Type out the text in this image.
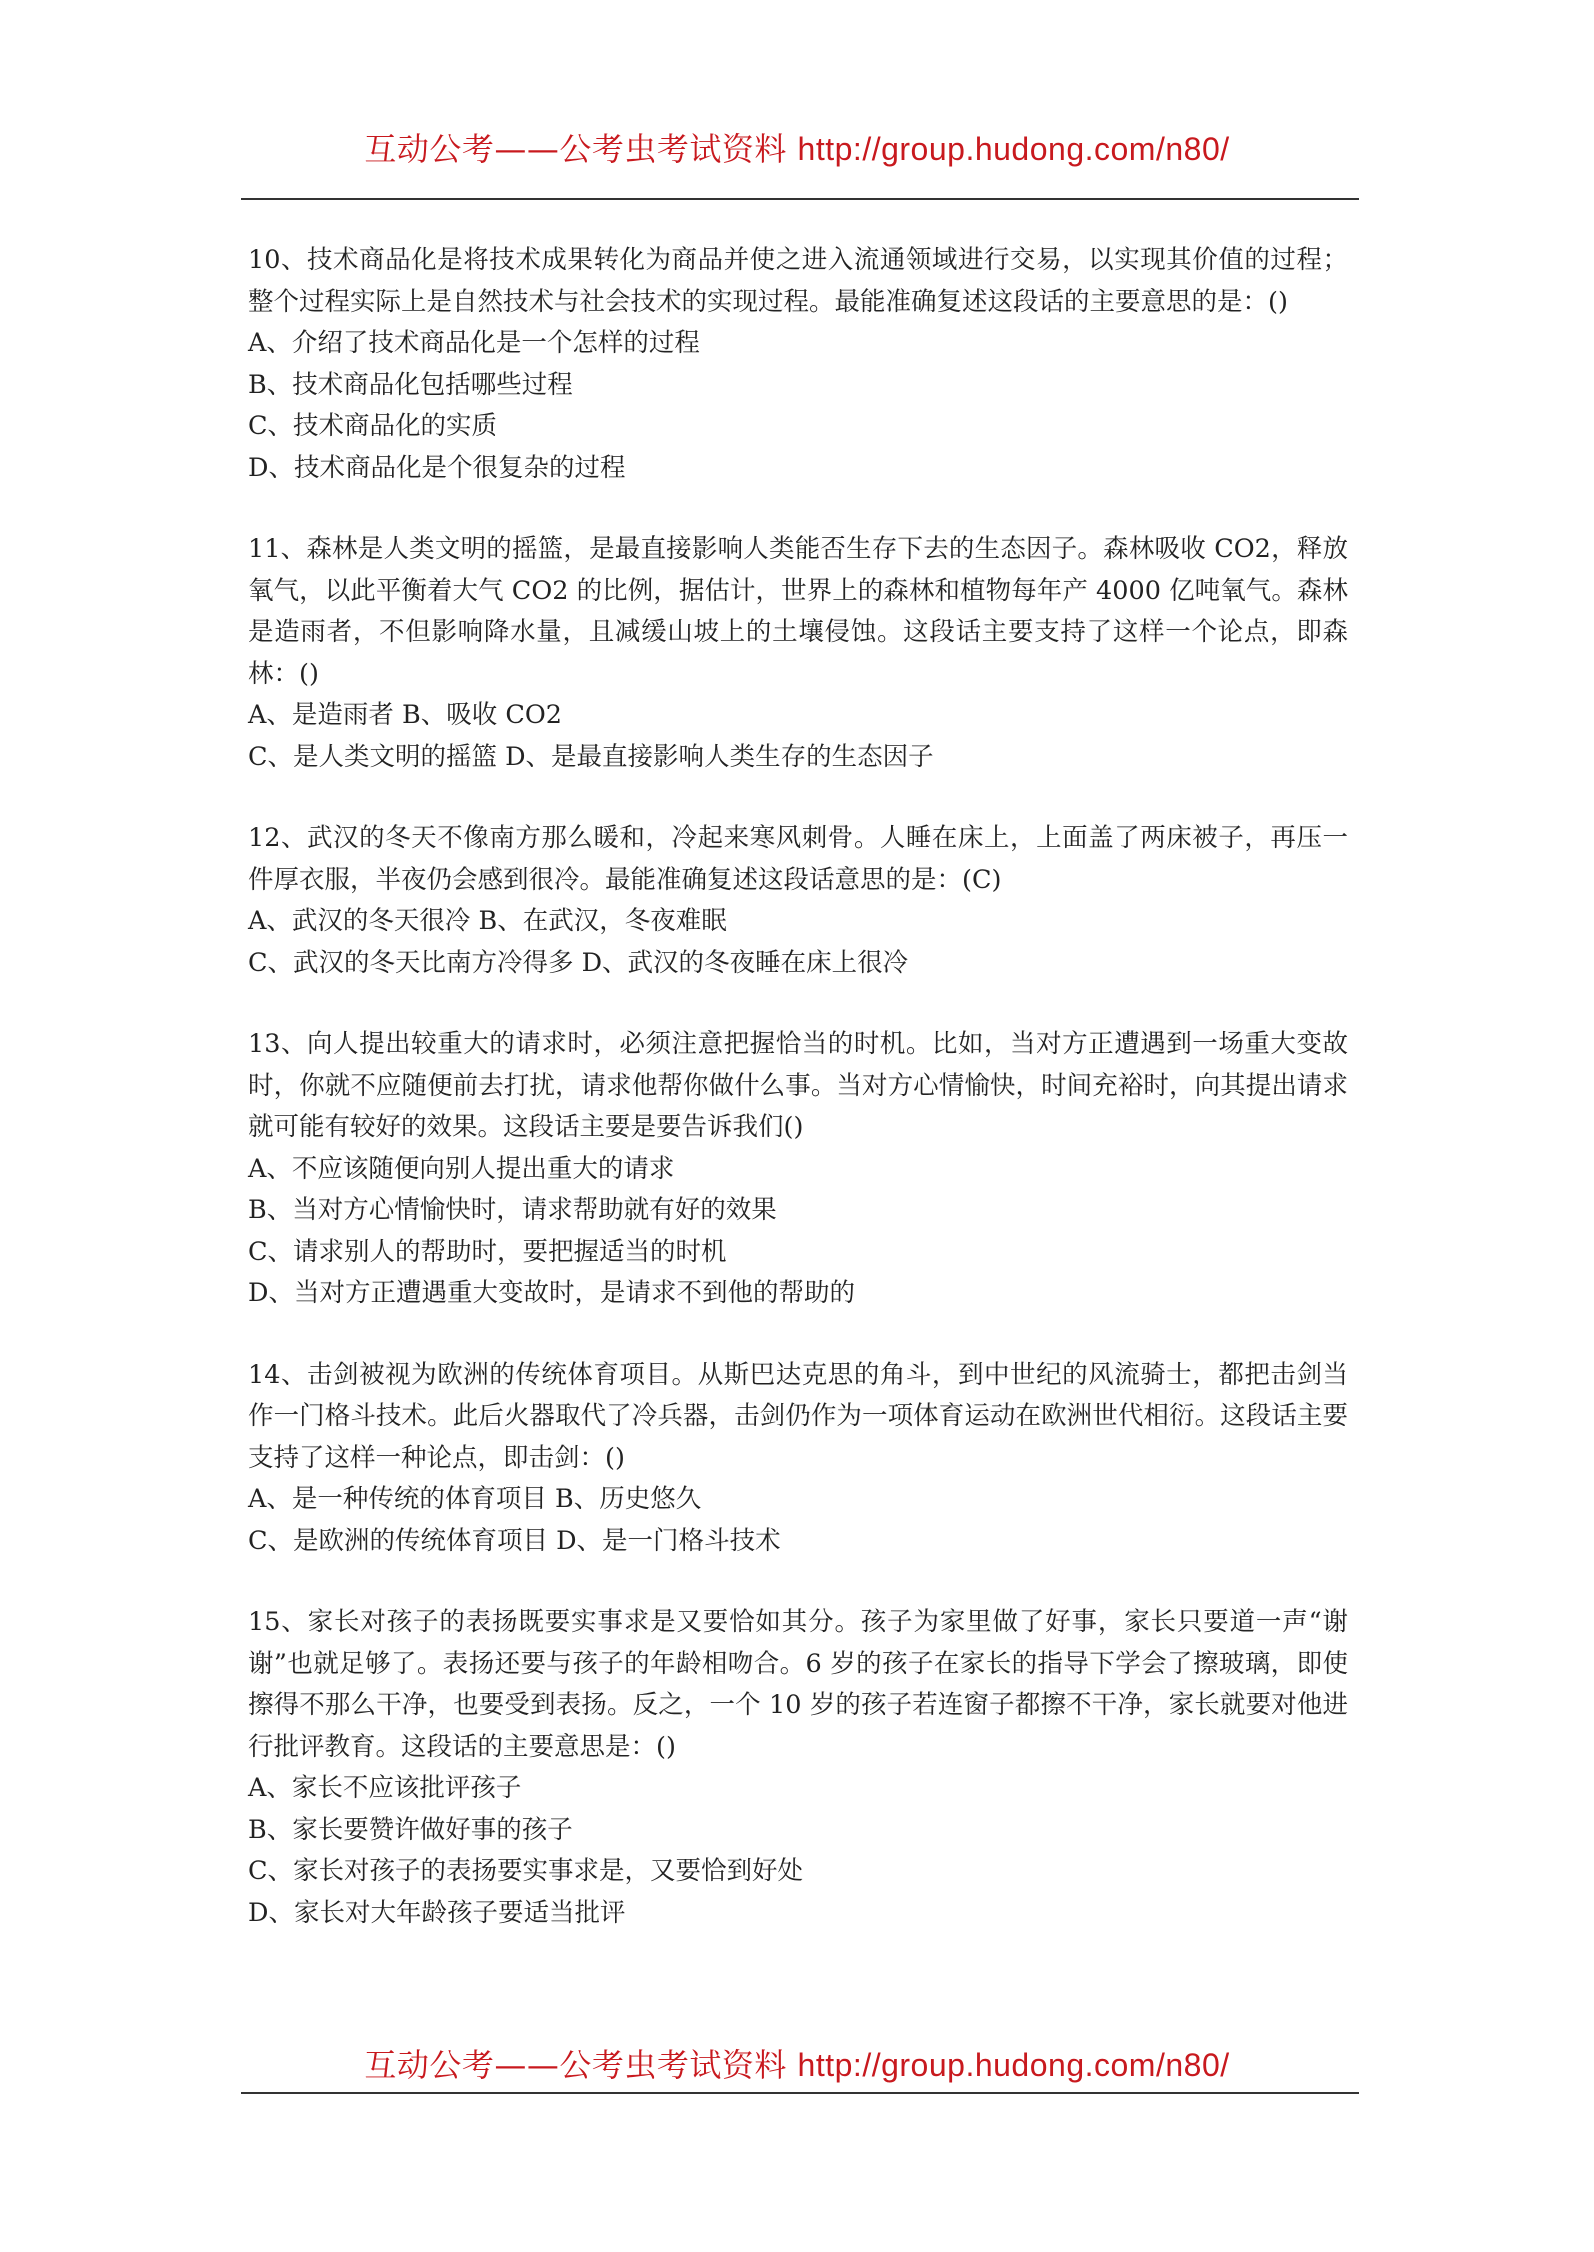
互动公考——公考虫考试资料 http://group.hudong.com/n80/

10、技术商品化是将技术成果转化为商品并使之进入流通领域进行交易，以实现其价值的过程；整个过程实际上是自然技术与社会技术的实现过程。最能准确复述这段话的主要意思的是：()

A、介绍了技术商品化是一个怎样的过程

B、技术商品化包括哪些过程

C、技术商品化的实质

D、技术商品化是个很复杂的过程

11、森林是人类文明的摇篮，是最直接影响人类能否生存下去的生态因子。森林吸收 CO2，释放氧气，以此平衡着大气 CO2 的比例，据估计，世界上的森林和植物每年产 4000 亿吨氧气。森林是造雨者，不但影响降水量，且减缓山坡上的土壤侵蚀。这段话主要支持了这样一个论点，即森林：()

A、是造雨者 B、吸收 CO2

C、是人类文明的摇篮 D、是最直接影响人类生存的生态因子

12、武汉的冬天不像南方那么暖和，冷起来寒风刺骨。人睡在床上，上面盖了两床被子，再压一件厚衣服，半夜仍会感到很冷。最能准确复述这段话意思的是：(C)

A、武汉的冬天很冷 B、在武汉，冬夜难眠

C、武汉的冬天比南方冷得多 D、武汉的冬夜睡在床上很冷

13、向人提出较重大的请求时，必须注意把握恰当的时机。比如，当对方正遭遇到一场重大变故时，你就不应随便前去打扰，请求他帮你做什么事。当对方心情愉快，时间充裕时，向其提出请求就可能有较好的效果。这段话主要是要告诉我们()

A、不应该随便向别人提出重大的请求

B、当对方心情愉快时，请求帮助就有好的效果

C、请求别人的帮助时，要把握适当的时机

D、当对方正遭遇重大变故时，是请求不到他的帮助的

14、击剑被视为欧洲的传统体育项目。从斯巴达克思的角斗，到中世纪的风流骑士，都把击剑当作一门格斗技术。此后火器取代了冷兵器，击剑仍作为一项体育运动在欧洲世代相衍。这段话主要支持了这样一种论点，即击剑：()

A、是一种传统的体育项目 B、历史悠久

C、是欧洲的传统体育项目 D、是一门格斗技术

15、家长对孩子的表扬既要实事求是又要恰如其分。孩子为家里做了好事，家长只要道一声“谢谢”也就足够了。表扬还要与孩子的年龄相吻合。6 岁的孩子在家长的指导下学会了擦玻璃，即使擦得不那么干净，也要受到表扬。反之，一个 10 岁的孩子若连窗子都擦不干净，家长就要对他进行批评教育。这段话的主要意思是：()

A、家长不应该批评孩子

B、家长要赞许做好事的孩子

C、家长对孩子的表扬要实事求是，又要恰到好处

D、家长对大年龄孩子要适当批评

互动公考——公考虫考试资料 http://group.hudong.com/n80/
